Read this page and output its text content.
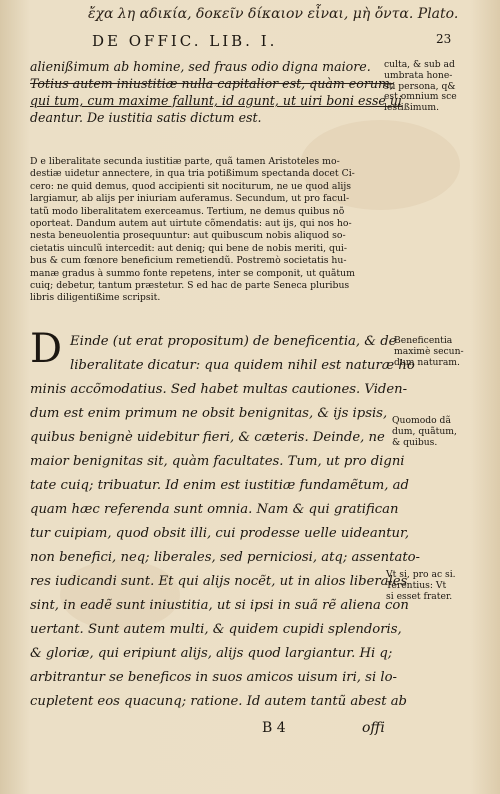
ἔχα λη αδικία, δοκεῖν δίκαιον εἶναι, μὴ ὄντα. Plato.
DE OFFIC. LIB. I.	23
alienißimum ab homine, sed fraus odio digna maiore.
Totius autem iniustitiæ nulla capitalior est, quàm eorum,
qui tum, cum maxime fallunt, id agunt, ut uiri boni esse ui
deantur. De iustitia satis dictum est.
culta, & sub ad
umbrata hone-
sti persona, q&
est omnium sce
lestißimum.
D e liberalitate secunda iustitiæ parte, quã tamen Aristoteles mo-
destiæ uidetur annectere, in qua tria potißimum spectanda docet Ci-
cero: ne quid demus, quod accipienti sit nociturum, ne ue quod alijs
largiamur, ab alijs per iniuriam auferamus. Secundum, ut pro facul-
tatũ modo liberalitatem exerceamus. Tertium, ne demus quibus nõ
oporteat. Dandum autem aut uirtute cõmendatis: aut ijs, qui nos ho-
nesta beneuolentia prosequuntur: aut quibuscum nobis aliquod so-
cietatis uinculũ intercedit: aut deniq; qui bene de nobis meriti, qui-
bus & cum fœnore beneficium remetiendũ. Postremò societatis hu-
manæ gradus à summo fonte repetens, inter se componit, ut quãtum
cuiq; debetur, tantum præstetur. S ed hac de parte Seneca pluribus
libris diligentißime scripsit.
D Einde (ut erat propositum) de beneficentia, & de
liberalitate dicatur: qua quidem nihil est naturæ ho
minis accõmodatius. Sed habet multas cautiones. Viden-
dum est enim primum ne obsit benignitas, & ijs ipsis,
quibus benignè uidebitur fieri, & cæteris. Deinde, ne
maior benignitas sit, quàm facultates. Tum, ut pro digni
tate cuiq; tribuatur. Id enim est iustitiæ fundamẽtum, ad
quam hæc referenda sunt omnia. Nam & qui gratifican
tur cuipiam, quod obsit illi, cui prodesse uelle uideantur,
non benefici, neq; liberales, sed perniciosi, atq; assentato-
res iudicandi sunt. Et qui alijs nocẽt, ut in alios liberales
sint, in eadẽ sunt iniustitia, ut si ipsi in suã rẽ aliena con
uertant. Sunt autem multi, & quidem cupidi splendoris,
& gloriæ, qui eripiunt alijs, alijs quod largiantur. Hi q;
arbitrantur se beneficos in suos amicos uisum iri, si lo-
cupletent eos quacunq; ratione. Id autem tantũ abest ab
Beneficentia
maximè secun-
dum naturam.
Quomodo dã
dum, quãtum,
& quibus.
Vt si, pro ac si.
Terentius: Vt
si esset frater.
B 4	offi
